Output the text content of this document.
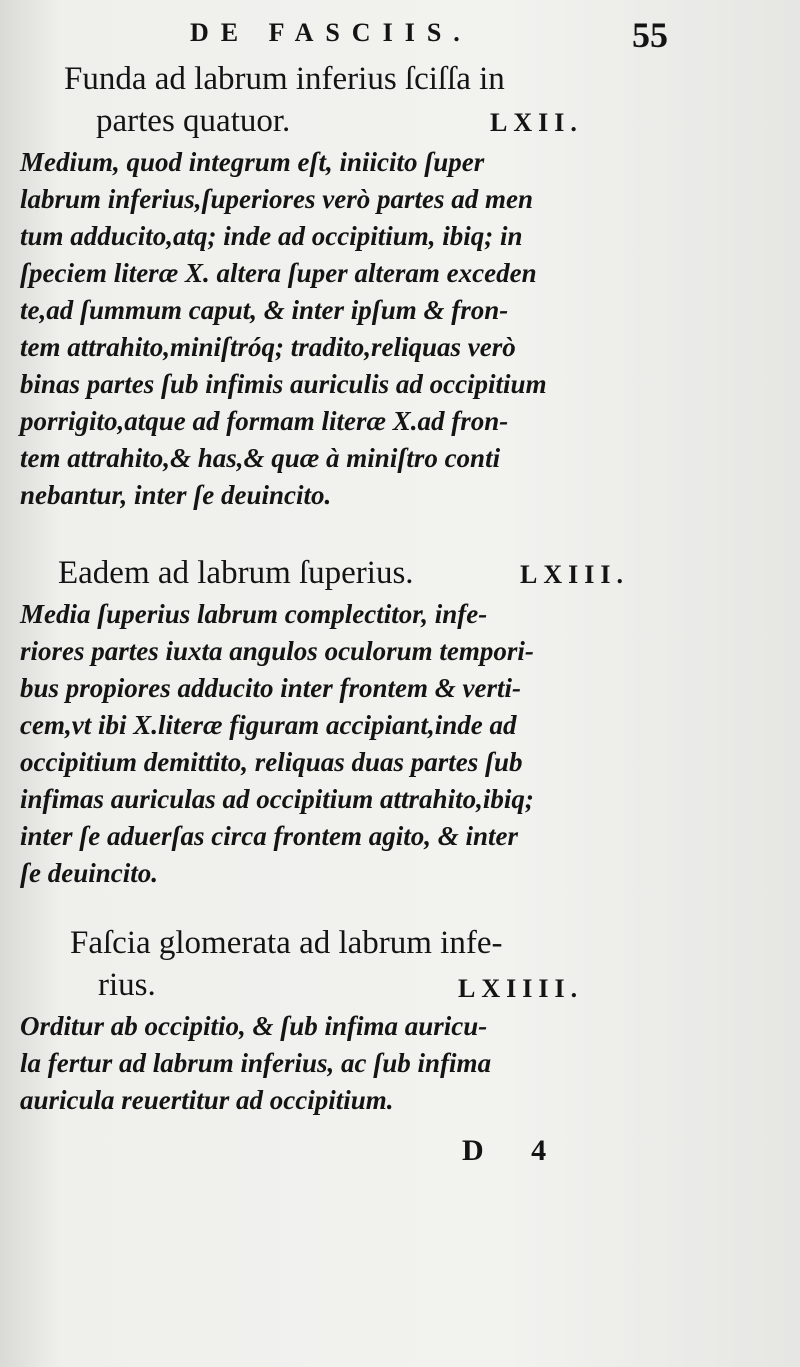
DE FASCIIS.	55
Funda ad labrum inferius ſciſſa in
partes quatuor.	LXII.
Medium, quod integrum eſt, iniicito ſuper
labrum inferius,ſuperiores verò partes ad men
tum adducito,atq; inde ad occipitium, ibiq; in
ſpeciem literæ X. altera ſuper alteram exceden
te,ad ſummum caput, & inter ipſum & fron-
tem attrahito,miniſtróq; tradito,reliquas verò
binas partes ſub infimis auriculis ad occipitium
porrigito,atque ad formam literæ X.ad fron-
tem attrahito,& has,& quæ à miniſtro conti
nebantur, inter ſe deuincito.
Eadem ad labrum ſuperius.	LXIII.
Media ſuperius labrum complectitor, infe-
riores partes iuxta angulos oculorum tempori-
bus propiores adducito inter frontem & verti-
cem,vt ibi X.literæ figuram accipiant,inde ad
occipitium demittito, reliquas duas partes ſub
infimas auriculas ad occipitium attrahito,ibiq;
inter ſe aduerſas circa frontem agito, & inter
ſe deuincito.
Faſcia glomerata ad labrum infe-
rius.	LXIIII.
Orditur ab occipitio, & ſub infima auricu-
la fertur ad labrum inferius, ac ſub infima
auricula reuertitur ad occipitium.
D 4
